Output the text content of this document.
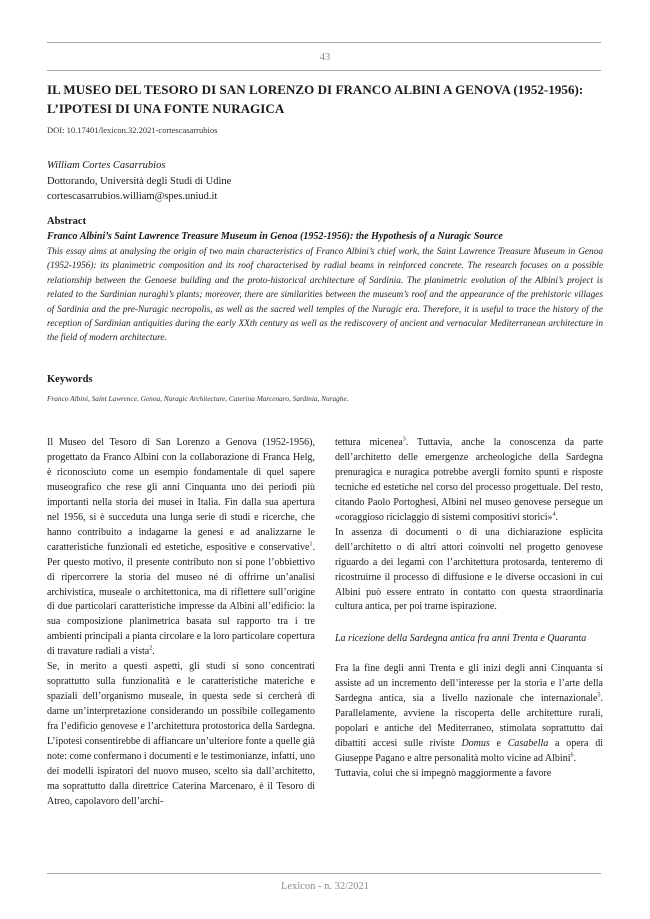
43
IL MUSEO DEL TESORO DI SAN LORENZO DI FRANCO ALBINI A GENOVA (1952-1956): L’IPOTESI DI UNA FONTE NURAGICA
DOI: 10.17401/lexicon.32.2021-cortescasarrubios
William Cortes Casarrubios
Dottorando, Università degli Studi di Udine
cortescasarrubios.william@spes.uniud.it
Abstract
Franco Albini’s Saint Lawrence Treasure Museum in Genoa (1952-1956): the Hypothesis of a Nuragic Source
This essay aims at analysing the origin of two main characteristics of Franco Albini’s chief work, the Saint Lawrence Treasure Museum in Genoa (1952-1956): its planimetric composition and its roof characterised by radial beams in reinforced concrete. The research focuses on a possible relationship between the Genoese building and the proto-historical architecture of Sardinia. The planimetric evolution of the Albini’s project is related to the Sardinian nuraghi’s plants; moreover, there are similarities between the museum’s roof and the appearance of the prehistoric villages of Sardinia and the pre-Nuragic necropolis, as well as the sacred well temples of the Nuragic era. Therefore, it is useful to trace the history of the reception of Sardinian antiquities during the early XXth century as well as the rediscovery of ancient and vernacular Mediterranean architecture in the field of modern architecture.
Keywords
Franco Albini, Saint Lawrence, Genoa, Nuragic Architecture, Caterina Marcenaro, Sardinia, Nuraghe.

Il Museo del Tesoro di San Lorenzo a Genova (1952-1956), progettato da Franco Albini con la collaborazione di Franca Helg, è riconosciuto come un esempio fondamentale di quel sapere museografico che rese gli anni Cinquanta uno dei periodi più importanti nella storia dei musei in Italia. Fin dalla sua apertura nel 1956, si è succeduta una lunga serie di studi e ricerche, che hanno contribuito a indagarne la genesi e ad analizzarne le caratteristiche funzionali ed estetiche, espositive e conservative$^1$. Per questo motivo, il presente contributo non si pone l’obbiettivo di ripercorrere la storia del museo né di offrirne un’analisi archivistica, museale o architettonica, ma di riflettere sull’origine di due particolari caratteristiche impresse da Albini all’edificio: la sua composizione planimetrica basata sul rapporto tra i tre ambienti principali a pianta circolare e la loro particolare copertura di travature radiali a vista$^2$.

Se, in merito a questi aspetti, gli studi si sono concentrati soprattutto sulla funzionalità e le caratteristiche materiche e spaziali dell’organismo museale, in questa sede si cercherà di darne un’interpretazione considerando un possibile collegamento fra l’edificio genovese e l’architettura protostorica della Sardegna. L’ipotesi consentirebbe di affiancare un’ulteriore fonte a quelle già note: come confermano i documenti e le testimonianze, infatti, uno dei modelli ispiratori del nuovo museo, scelto sia dall’architetto, ma soprattutto dalla direttrice Caterina Marcenaro, è il Tesoro di Atreo, capolavoro dell’archi-

tettura micenea$^3$. Tuttavia, anche la conoscenza da parte dell’architetto delle emergenze archeologiche della Sardegna prenuragica e nuragica potrebbe avergli fornito spunti e risposte tecniche ed estetiche nel corso del processo progettuale. Del resto, citando Paolo Portoghesi, Albini nel museo genovese persegue un «coraggioso riciclaggio di sistemi compositivi storici»$^4$.

In assenza di documenti o di una dichiarazione esplicita dell’architetto o di altri attori coinvolti nel progetto genovese riguardo a dei legami con l’architettura protosarda, tenteremo di ricostruirne il processo di diffusione e le diverse occasioni in cui Albini può essere entrato in contatto con questa straordinaria cultura antica, per poi trarne ispirazione.

La ricezione della Sardegna antica fra anni Trenta e Quaranta

Fra la fine degli anni Trenta e gli inizi degli anni Cinquanta si assiste ad un incremento dell’interesse per la storia e l’arte della Sardegna antica, sia a livello nazionale che internazionale$^5$. Parallelamente, avviene la riscoperta delle architetture rurali, popolari e antiche del Mediterraneo, stimolata soprattutto dai dibattiti accesi sulle riviste Domus e Casabella a opera di Giuseppe Pagano e altre personalità molto vicine ad Albini$^6$.

Tuttavia, colui che si impegnò maggiormente a favore

Lexicon - n. 32/2021
